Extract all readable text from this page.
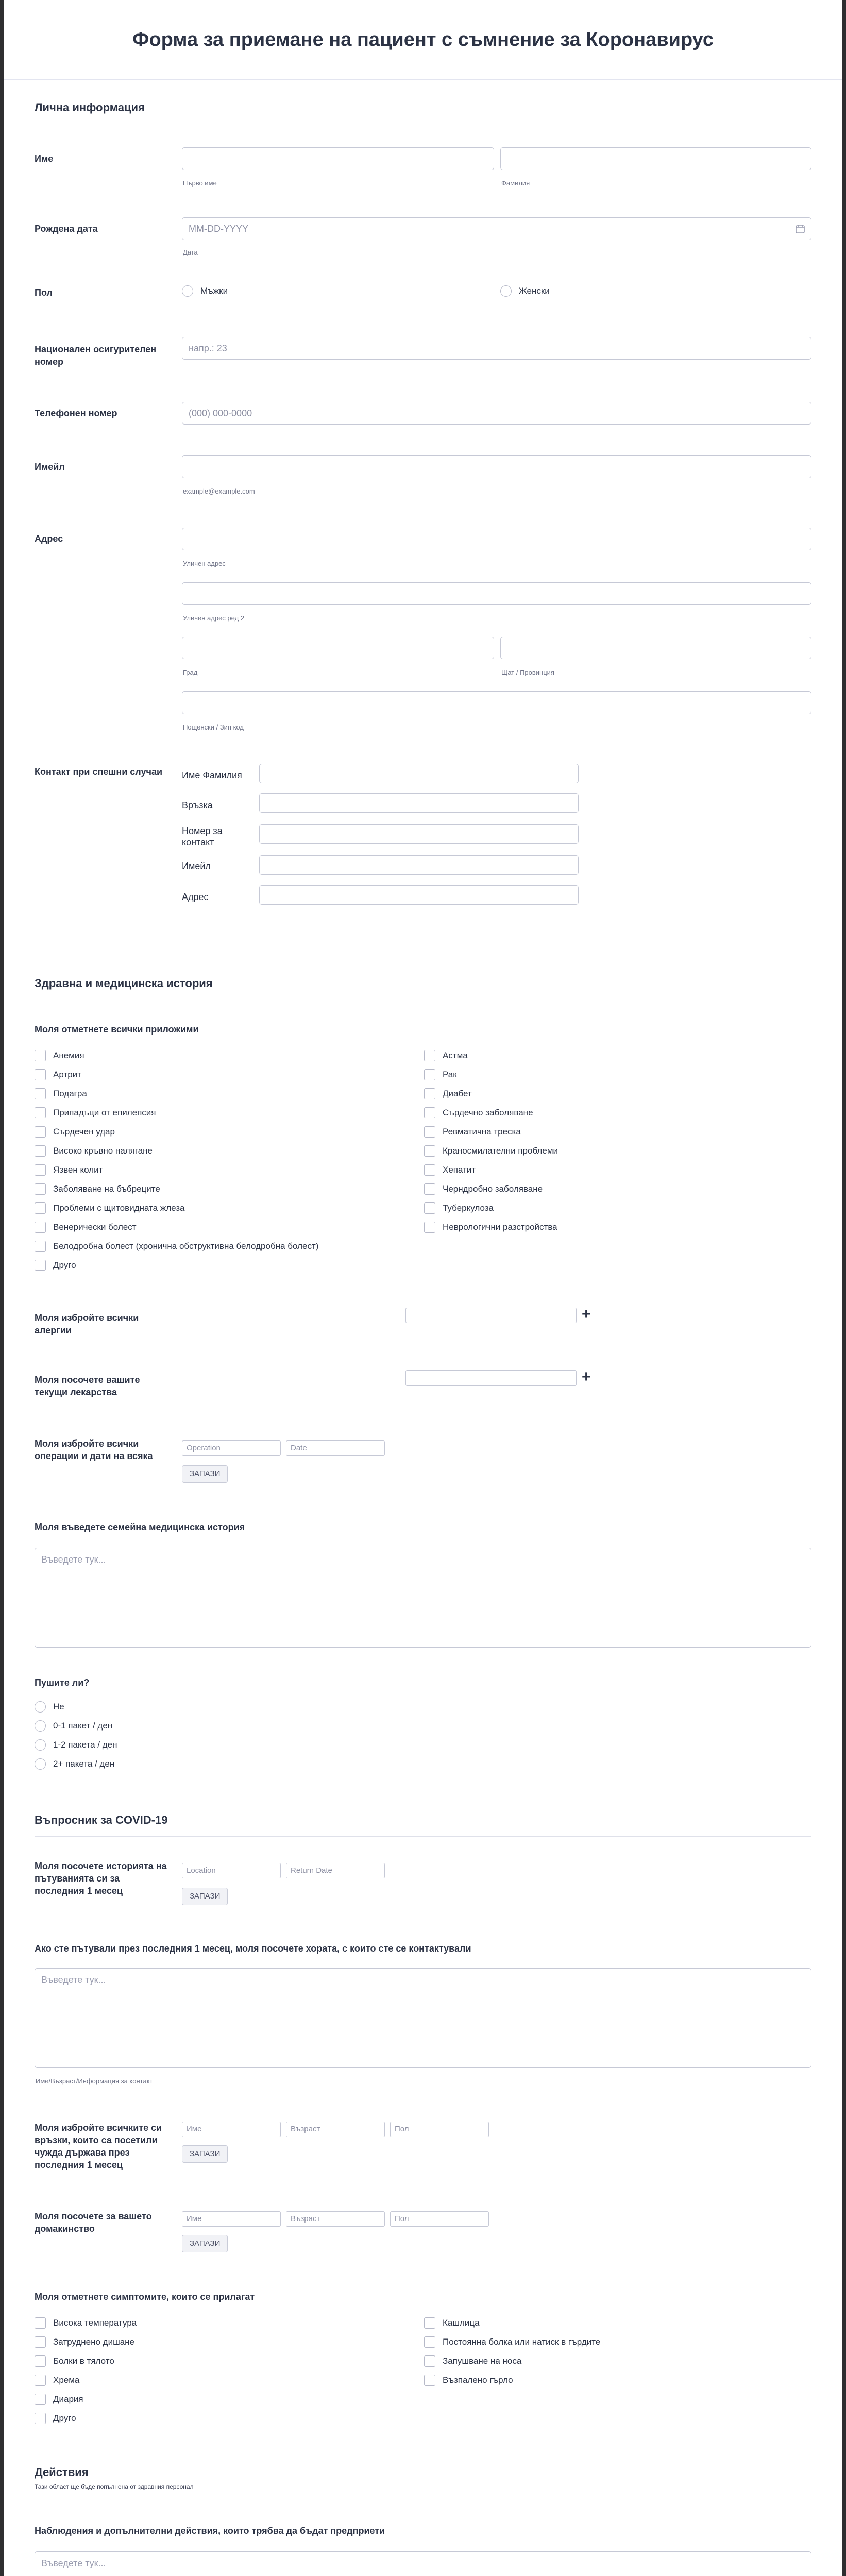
Форма за приемане на пациент с съмнение за Коронавирус
Лична информация
Име
Първо име	Фамилия
Рождена дата	MM-DD-YYYY
Дата
Пол	Мъжки	Женски
Национален осигурителен
номер
напр.: 23
Телефонен номер	(000) 000-0000
Имейл
example@example.com
Адрес
Уличен адрес
Уличен адрес ред 2
Град	Щат / Провинция
Пощенски / Зип код
Контакт при спешни случаи Име Фамилия
Връзка
Номер за
контакт
Имейл
Адрес
Здравна и медицинска история
Моля отметнете всички приложими
Анемия
Артрит
Подагра
Припадъци от епилепсия
Сърдечен удар
Високо кръвно налягане
Язвен колит
Заболяване на бъбреците
Проблеми с щитовидната жлеза
Венерически болест
Белодробна болест (хронична обструктивна белодробна болест)
Друго
Астма
Рак
Диабет
Сърдечно заболяване
Ревматична треска
Краносмилателни проблеми
Хепатит
Черндробно заболяване
Туберкулоза
Неврологични разстройства
Моля избройте всички
алергии
+
Моля посочете вашите
текущи лекарства
+
Моля избройте всички
операции и дати на всяка
Operation	Date
ЗАПАЗИ
Моля въведете семейна медицинска история
Въведете тук...
Пушите ли?
Не
0-1 пакет / ден
1-2 пакета / ден
2+ пакета / ден
Въпросник за COVID-19
Моля посочете историята на
пътуванията си за
последния 1 месец
Location	Return Date
ЗАПАЗИ
Ако сте пътували през последния 1 месец, моля посочете хората, с които сте се контактували
Въведете тук...
Име/Възраст/Информация за контакт
Моля избройте всичките си
връзки, които са посетили
чужда държава през
последния 1 месец
Име	Възраст	Пол
ЗАПАЗИ
Моля посочете за вашето
домакинство
Име	Възраст	Пол
ЗАПАЗИ
Моля отметнете симптомите, които се прилагат
Висока температура
Затруднено дишане
Болки в тялото
Хрема
Диария
Друго
Кашлица
Постоянна болка или натиск в гърдите
Запушване на носа
Възпалено гърло
Действия
Тази област ще бъде попълнена от здравния персонал
Наблюдения и допълнителни действия, които трябва да бъдат предприети
Въведете тук...
